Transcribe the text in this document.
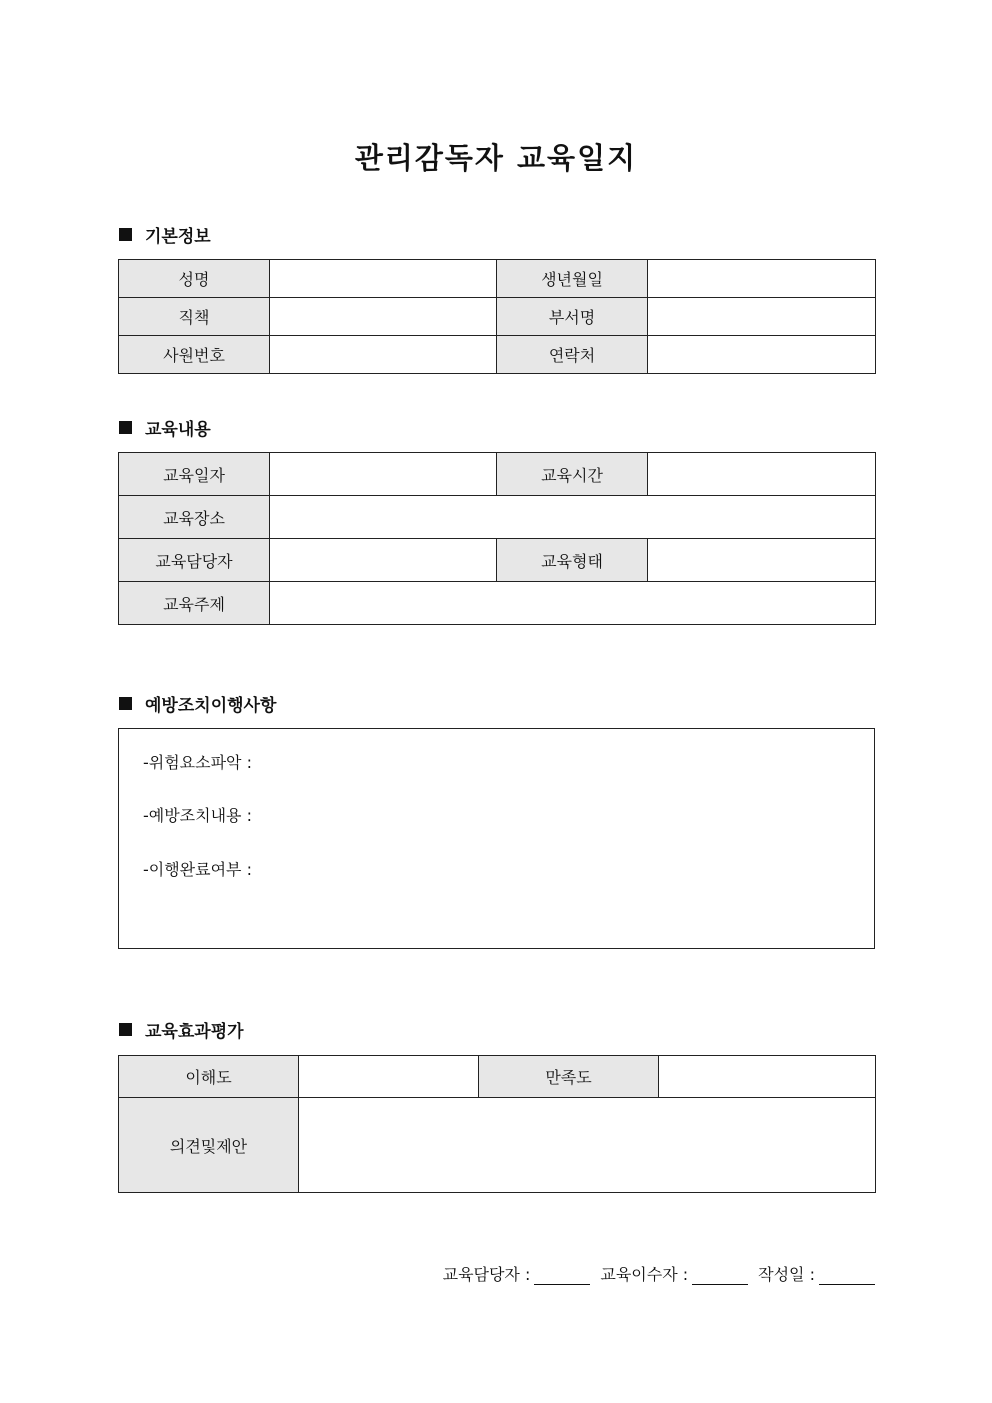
관리감독자 교육일지
기본정보
성명		생년월일	
직책		부서명	
사원번호		연락처	
교육내용
교육일자		교육시간	
교육장소			
교육담당자		교육형태	
교육주제			
예방조치이행사항
-위험요소파악 :
-예방조치내용 :
-이행완료여부 :
교육효과평가
이해도		만족도	
의견및제안			
교육담당자 :	교육이수자 :	작성일 :
